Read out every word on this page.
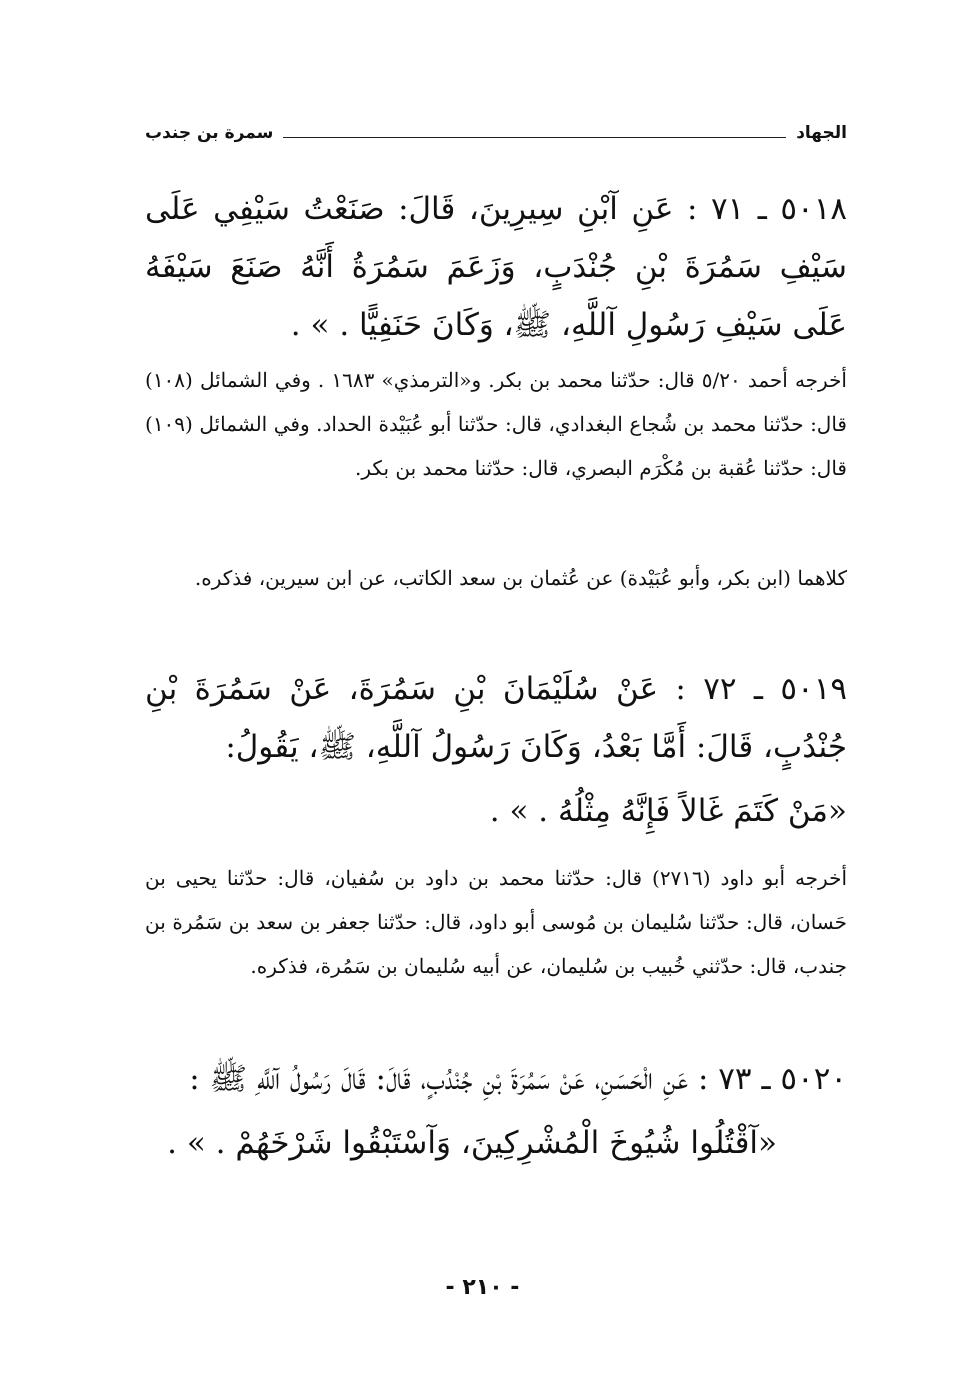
الجهاد
سمرة بن جندب
٥٠١٨ ـ ٧١ : عَنِ آبْنِ سِيرِينَ، قَالَ: صَنَعْتُ سَيْفِي عَلَى سَيْفِ سَمُرَةَ بْنِ جُنْدَبٍ، وَزَعَمَ سَمُرَةُ أَنَّهُ صَنَعَ سَيْفَهُ عَلَى سَيْفِ رَسُولِ آللَّهِ، ﷺ، وَكَانَ حَنَفِيًّا . » .
أخرجه أحمد ٥/٢٠ قال: حدّثنا محمد بن بكر. و«الترمذي» ١٦٨٣ . وفي الشمائل (١٠٨) قال: حدّثنا محمد بن شُجاع البغدادي، قال: حدّثنا أبو عُبَيْدة الحداد. وفي الشمائل (١٠٩) قال: حدّثنا عُقبة بن مُكْرَم البصري، قال: حدّثنا محمد بن بكر.
كلاهما (ابن بكر، وأبو عُبَيْدة) عن عُثمان بن سعد الكاتب، عن ابن سيرين، فذكره.
٥٠١٩ ـ ٧٢ : عَنْ سُلَيْمَانَ بْنِ سَمُرَةَ، عَنْ سَمُرَةَ بْنِ جُنْدُبٍ، قَالَ: أَمَّا بَعْدُ، وَكَانَ رَسُولُ آللَّهِ، ﷺ، يَقُولُ:
«مَنْ كَتَمَ غَالاً فَإِنَّهُ مِثْلُهُ . » .
أخرجه أبو داود (٢٧١٦) قال: حدّثنا محمد بن داود بن سُفيان، قال: حدّثنا يحيى بن حَسان، قال: حدّثنا سُليمان بن مُوسى أبو داود، قال: حدّثنا جعفر بن سعد بن سَمُرة بن جندب، قال: حدّثني خُبيب بن سُليمان، عن أبيه سُليمان بن سَمُرة، فذكره.
٥٠٢٠ ـ ٧٣ : عَنِ الْحَسَنِ، عَنْ سَمُرَةَ بْنِ جُنْدُبٍ، قَالَ: قَالَ رَسُولُ آللَّهِ ﷺ :
«آقْتُلُوا شُيُوخَ الْمُشْرِكِينَ، وَآسْتَبْقُوا شَرْخَهُمْ . » .
- ٢١٠ -
